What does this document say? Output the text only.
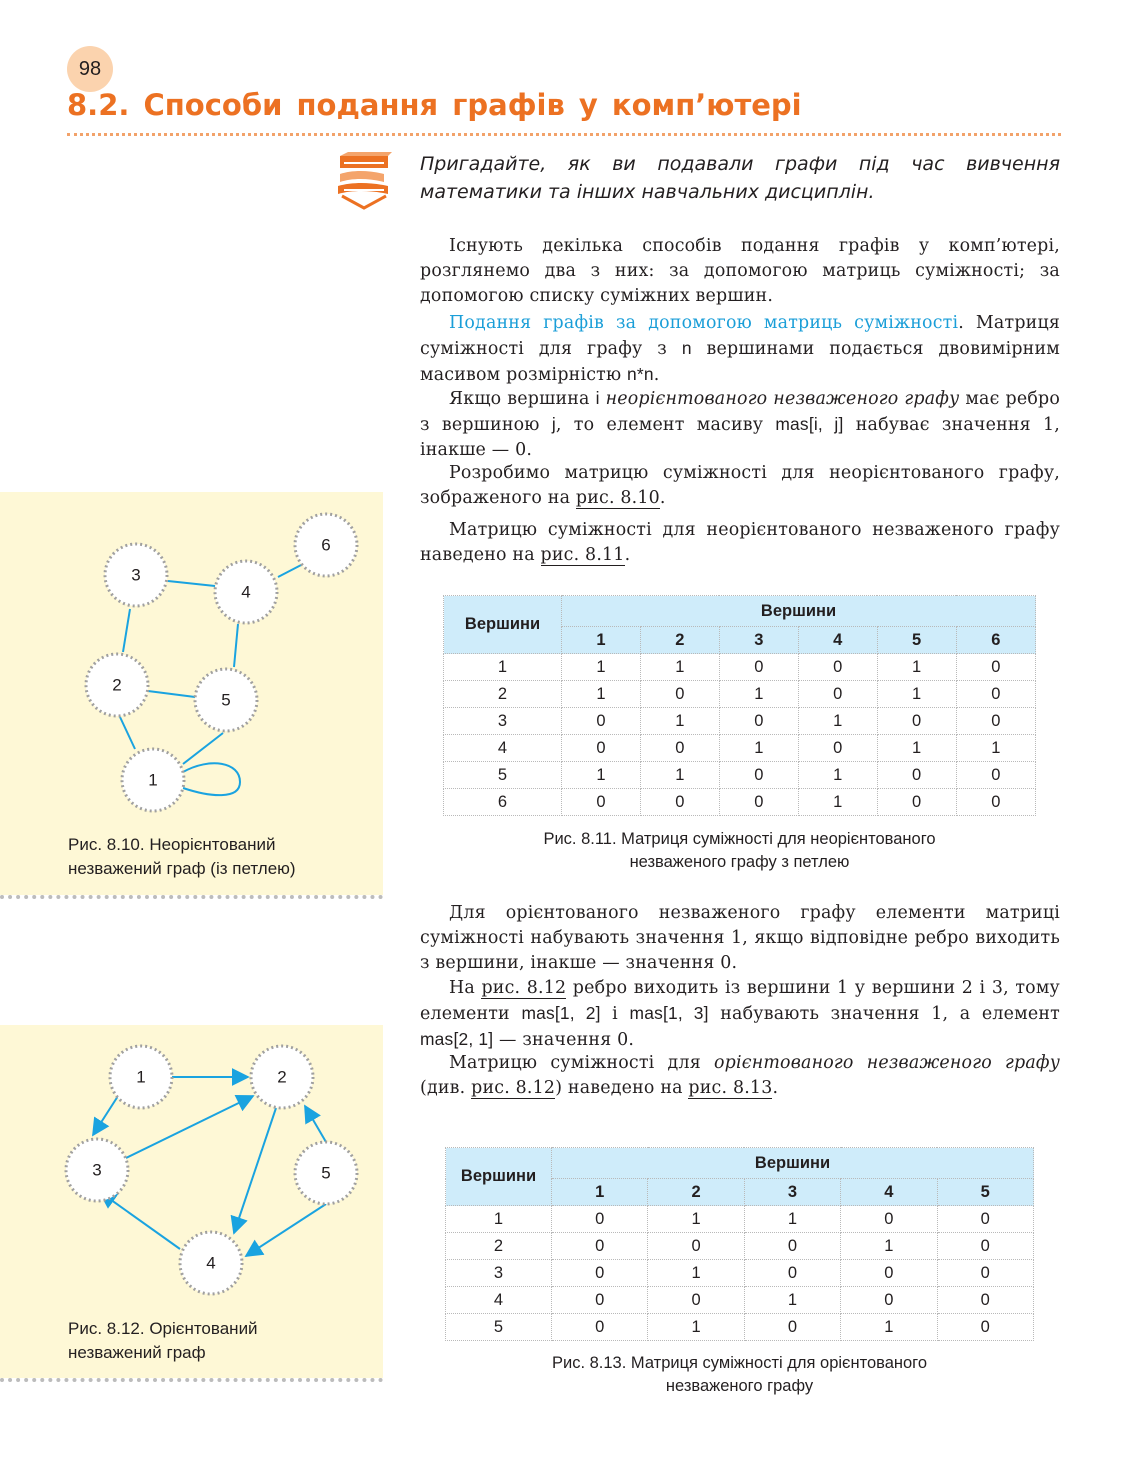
98
8.2. Способи подання графів у комп’ютері
Пригадайте, як ви подавали графи під час вивчення математики та інших навчальних дисциплін.
Існують декілька способів подання графів у комп’ютері, розглянемо два з них: за допомогою матриць суміжності; за допомогою списку суміжних вершин.
Подання графів за допомогою матриць суміжності. Матриця суміжності для графу з n вершинами подається двовимірним масивом розмірністю n*n.
Якщо вершина і неорієнтованого незваженого графу має ребро з вершиною j, то елемент масиву mas[i, j] набуває значення 1, інакше — 0.
Розробимо матрицю суміжності для неорієнтованого графу, зображеного на рис. 8.10.
Матрицю суміжності для неорієнтованого незваженого графу наведено на рис. 8.11.
Вершини	Вершини					
	1	2	3	4	5	6
1	1	1	0	0	1	0
2	1	0	1	0	1	0
3	0	1	0	1	0	0
4	0	0	1	0	1	1
5	1	1	0	1	0	0
6	0	0	0	1	0	0
Рис. 8.11. Матриця суміжності для неорієнтованого
незваженого графу з петлею
Для орієнтованого незваженого графу елементи матриці суміжності набувають значення 1, якщо відповідне ребро виходить з вершини, інакше — значення 0.
На рис. 8.12 ребро виходить із вершини 1 у вершини 2 і 3, тому елементи mas[1, 2] і mas[1, 3] набувають значення 1, а елемент mas[2, 1] — значення 0.
Матрицю суміжності для орієнтованого незваженого графу (див. рис. 8.12) наведено на рис. 8.13.
Вершини	Вершини				
	1	2	3	4	5
1	0	1	1	0	0
2	0	0	0	1	0
3	0	1	0	0	0
4	0	0	1	0	0
5	0	1	0	1	0
Рис. 8.13. Матриця суміжності для орієнтованого
незваженого графу
1
2
3
4
5
6
Рис. 8.10. Неорієнтований
незважений граф (із петлею)
1	2
3
4
5
Рис. 8.12. Орієнтований
незважений граф
